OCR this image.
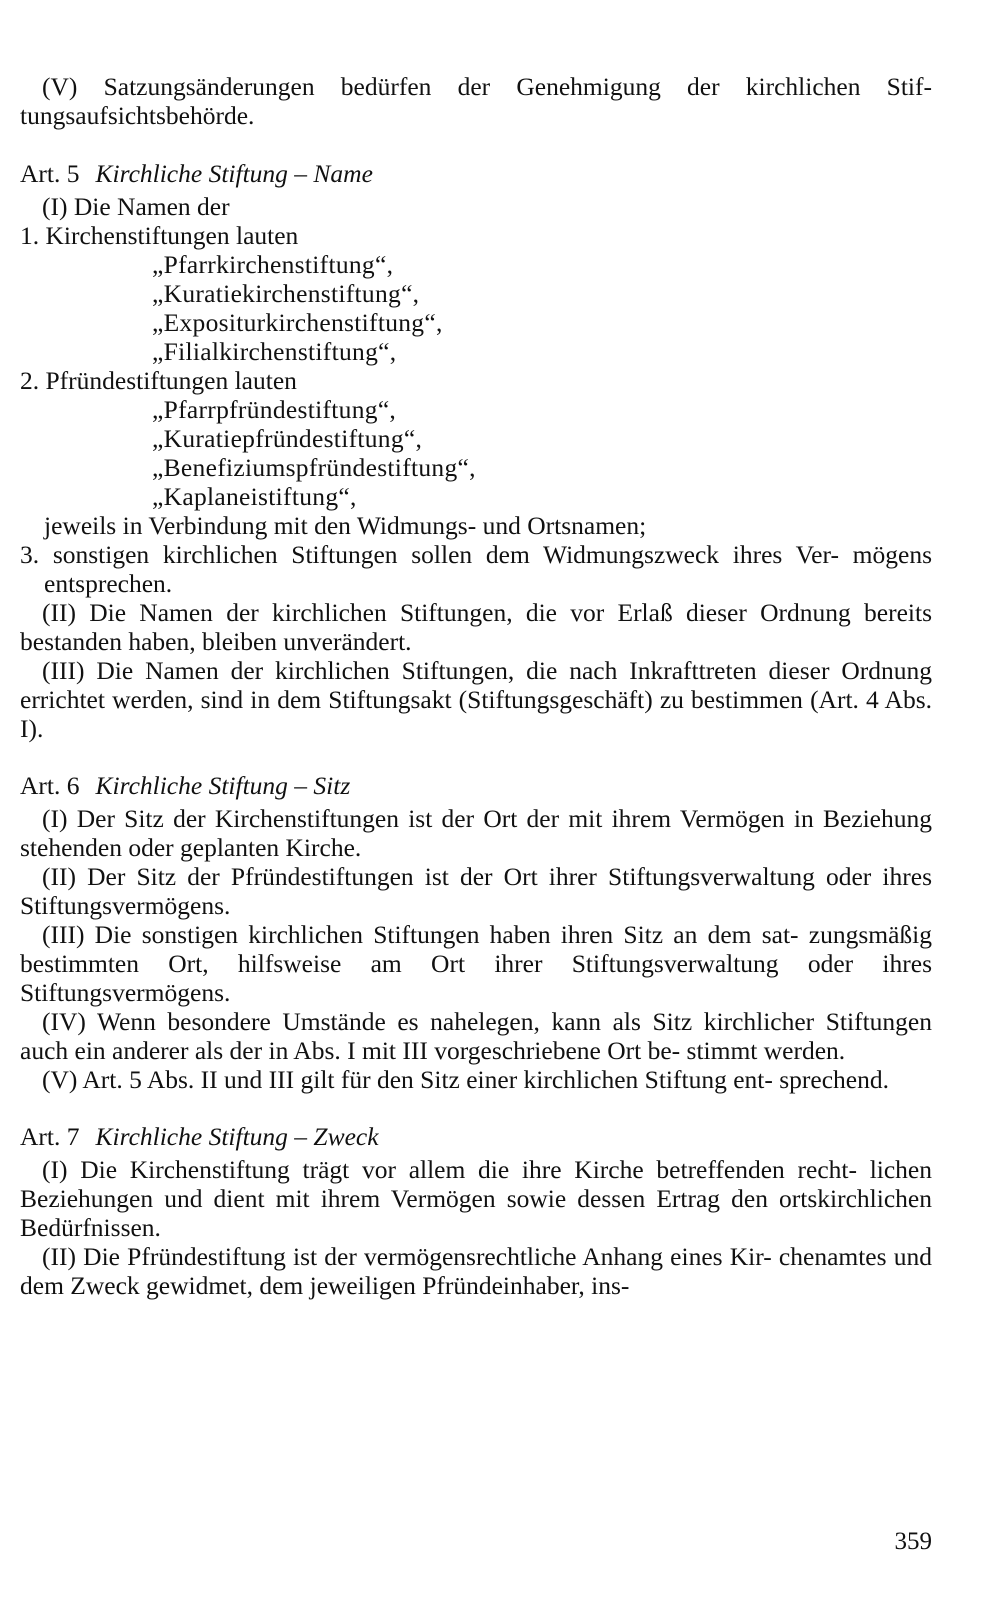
(V) Satzungsänderungen bedürfen der Genehmigung der kirchlichen Stif- tungsaufsichtsbehörde.

Art. 5 Kirchliche Stiftung – Name

(I) Die Namen der

1. Kirchenstiftungen lauten

„Pfarrkirchenstiftung“,

„Kuratiekirchenstiftung“,

„Expositurkirchenstiftung“,

„Filialkirchenstiftung“,

2. Pfründestiftungen lauten

„Pfarrpfründestiftung“,

„Kuratiepfründestiftung“,

„Benefiziumspfründestiftung“,

„Kaplaneistiftung“,

jeweils in Verbindung mit den Widmungs- und Ortsnamen;

3. sonstigen kirchlichen Stiftungen sollen dem Widmungszweck ihres Ver- mögens entsprechen.

(II) Die Namen der kirchlichen Stiftungen, die vor Erlaß dieser Ordnung bereits bestanden haben, bleiben unverändert.

(III) Die Namen der kirchlichen Stiftungen, die nach Inkrafttreten dieser Ordnung errichtet werden, sind in dem Stiftungsakt (Stiftungsgeschäft) zu bestimmen (Art. 4 Abs. I).

Art. 6 Kirchliche Stiftung – Sitz

(I) Der Sitz der Kirchenstiftungen ist der Ort der mit ihrem Vermögen in Beziehung stehenden oder geplanten Kirche.

(II) Der Sitz der Pfründestiftungen ist der Ort ihrer Stiftungsverwaltung oder ihres Stiftungsvermögens.

(III) Die sonstigen kirchlichen Stiftungen haben ihren Sitz an dem sat- zungsmäßig bestimmten Ort, hilfsweise am Ort ihrer Stiftungsverwaltung oder ihres Stiftungsvermögens.

(IV) Wenn besondere Umstände es nahelegen, kann als Sitz kirchlicher Stiftungen auch ein anderer als der in Abs. I mit III vorgeschriebene Ort be- stimmt werden.

(V) Art. 5 Abs. II und III gilt für den Sitz einer kirchlichen Stiftung ent- sprechend.

Art. 7 Kirchliche Stiftung – Zweck

(I) Die Kirchenstiftung trägt vor allem die ihre Kirche betreffenden recht- lichen Beziehungen und dient mit ihrem Vermögen sowie dessen Ertrag den ortskirchlichen Bedürfnissen.

(II) Die Pfründestiftung ist der vermögensrechtliche Anhang eines Kir- chenamtes und dem Zweck gewidmet, dem jeweiligen Pfründeinhaber, ins-

359
